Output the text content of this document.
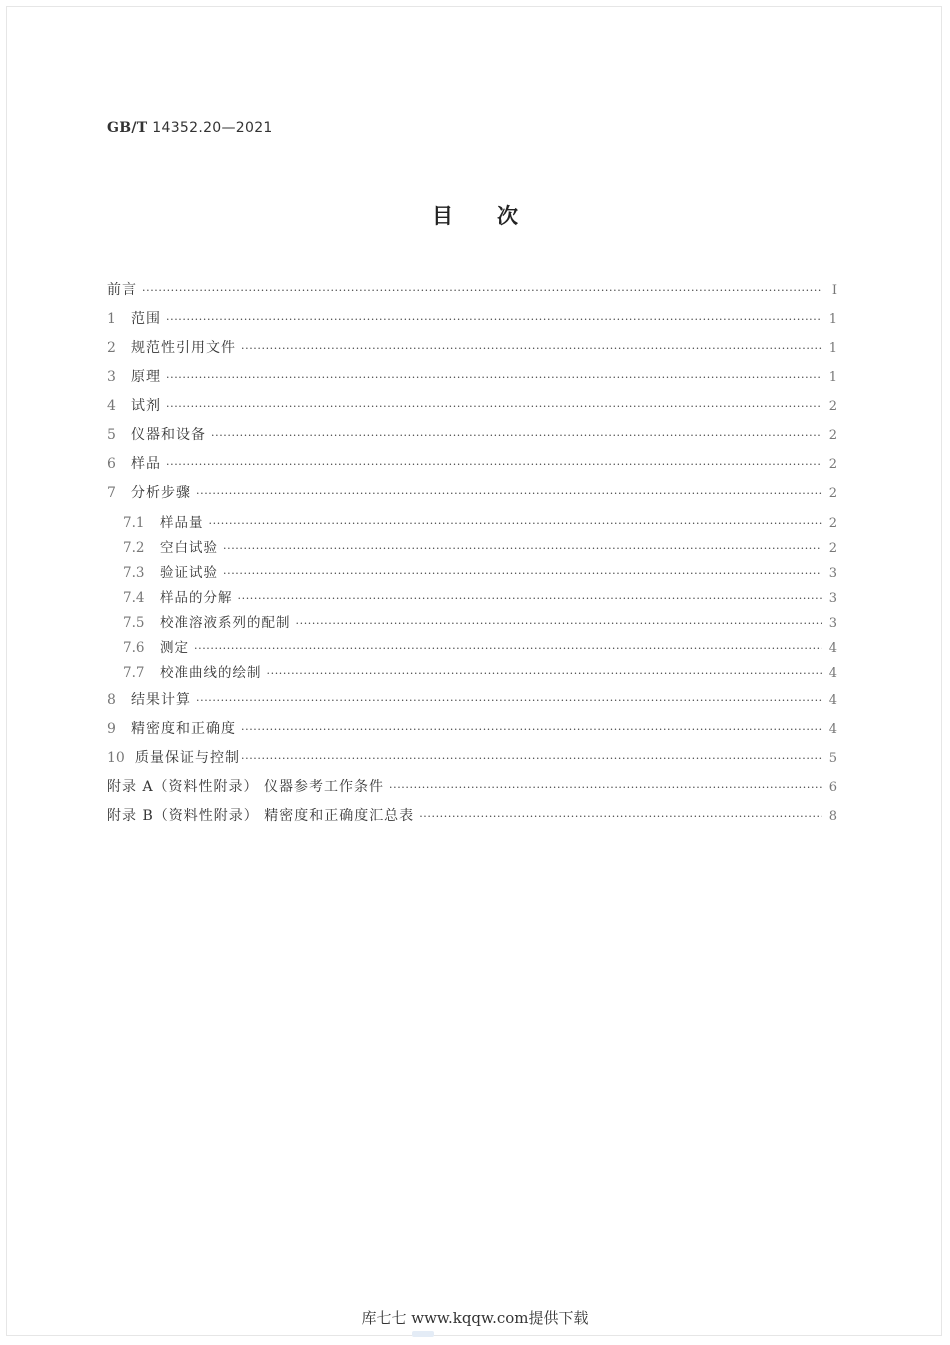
GB/T 14352.20—2021
目次
前言 ·····	I
1	范围 ·····	1
2	规范性引用文件 ·····	1
3	原理 ·····	1
4	试剂 ·····	2
5	仪器和设备 ·····	2
6	样品 ·····	2
7	分析步骤 ·····	2
7.1	样品量 ·····	2
7.2	空白试验 ·····	2
7.3	验证试验 ·····	3
7.4	样品的分解 ·····	3
7.5	校准溶液系列的配制 ·····	3
7.6	测定 ·····	4
7.7	校准曲线的绘制 ·····	4
8	结果计算 ·····	4
9	精密度和正确度 ·····	4
10 质量保证与控制 ·····	5
附录 A（资料性附录） 仪器参考工作条件 ·····	6
附录 B（资料性附录） 精密度和正确度汇总表 ·····	8
库七七 www.kqqw.com提供下载
